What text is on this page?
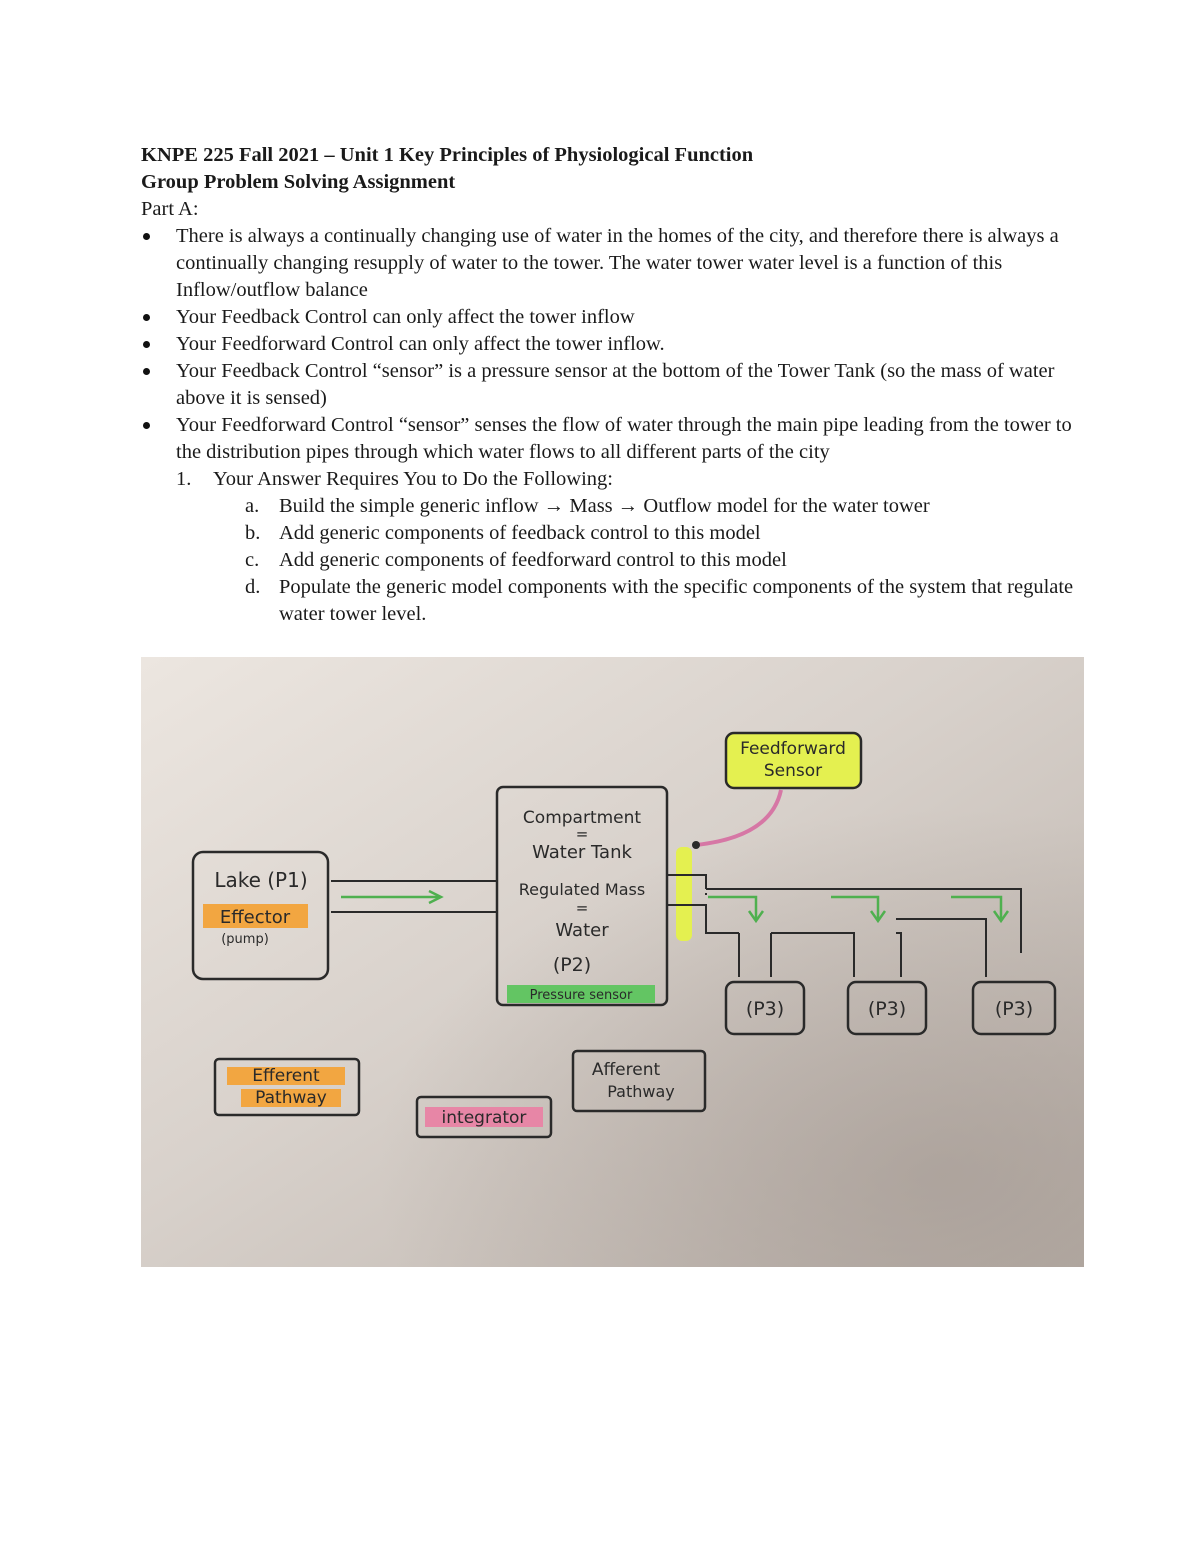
KNPE 225 Fall 2021 – Unit 1 Key Principles of Physiological Function
Group Problem Solving Assignment
Part A:
There is always a continually changing use of water in the homes of the city, and therefore there is always a continually changing resupply of water to the tower. The water tower water level is a function of this Inflow/outflow balance
Your Feedback Control can only affect the tower inflow
Your Feedforward Control can only affect the tower inflow.
Your Feedback Control “sensor” is a pressure sensor at the bottom of the Tower Tank (so the mass of water above it is sensed)
Your Feedforward Control “sensor” senses the flow of water through the main pipe leading from the tower to the distribution pipes through which water flows to all different parts of the city
1. Your Answer Requires You to Do the Following:
a. Build the simple generic inflow → Mass → Outflow model for the water tower
b. Add generic components of feedback control to this model
c. Add generic components of feedforward control to this model
d. Populate the generic model components with the specific components of the system that regulate water tower level.
Feedforward
Sensor
Lake (P1)
Effector
(pump)
Compartment
=
Water Tank
Regulated Mass
=
Water
(P2)
Pressure sensor
(P3)	(P3)	(P3)
Efferent
Pathway
integrator
Afferent
Pathway
